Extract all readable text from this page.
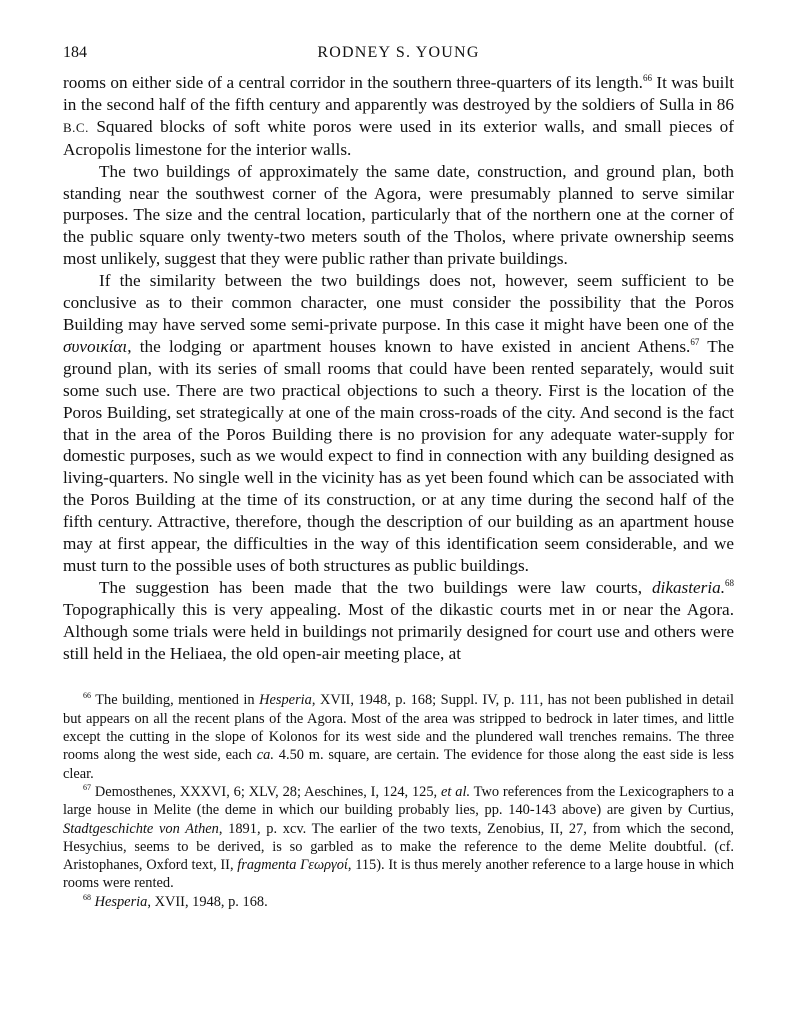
184	RODNEY S. YOUNG

rooms on either side of a central corridor in the southern three-quarters of its length.$^{66}$ It was built in the second half of the fifth century and apparently was destroyed by the soldiers of Sulla in 86 B.C. Squared blocks of soft white poros were used in its exterior walls, and small pieces of Acropolis limestone for the interior walls.

The two buildings of approximately the same date, construction, and ground plan, both standing near the southwest corner of the Agora, were presumably planned to serve similar purposes. The size and the central location, particularly that of the northern one at the corner of the public square only twenty-two meters south of the Tholos, where private ownership seems most unlikely, suggest that they were public rather than private buildings.

If the similarity between the two buildings does not, however, seem sufficient to be conclusive as to their common character, one must consider the possibility that the Poros Building may have served some semi-private purpose. In this case it might have been one of the συνοικίαι, the lodging or apartment houses known to have existed in ancient Athens.$^{67}$ The ground plan, with its series of small rooms that could have been rented separately, would suit some such use. There are two practical objections to such a theory. First is the location of the Poros Building, set strategically at one of the main cross-roads of the city. And second is the fact that in the area of the Poros Building there is no provision for any adequate water-supply for domestic purposes, such as we would expect to find in connection with any building designed as living-quarters. No single well in the vicinity has as yet been found which can be associated with the Poros Building at the time of its construction, or at any time during the second half of the fifth century. Attractive, therefore, though the description of our building as an apartment house may at first appear, the difficulties in the way of this identification seem considerable, and we must turn to the possible uses of both structures as public buildings.

The suggestion has been made that the two buildings were law courts, dikasteria.$^{68}$ Topographically this is very appealing. Most of the dikastic courts met in or near the Agora. Although some trials were held in buildings not primarily designed for court use and others were still held in the Heliaea, the old open-air meeting place, at

$^{66}$ The building, mentioned in Hesperia, XVII, 1948, p. 168; Suppl. IV, p. 111, has not been published in detail but appears on all the recent plans of the Agora. Most of the area was stripped to bedrock in later times, and little except the cutting in the slope of Kolonos for its west side and the plundered wall trenches remains. The three rooms along the west side, each ca. 4.50 m. square, are certain. The evidence for those along the east side is less clear.

$^{67}$ Demosthenes, XXXVI, 6; XLV, 28; Aeschines, I, 124, 125, et al. Two references from the Lexicographers to a large house in Melite (the deme in which our building probably lies, pp. 140-143 above) are given by Curtius, Stadtgeschichte von Athen, 1891, p. xcv. The earlier of the two texts, Zenobius, II, 27, from which the second, Hesychius, seems to be derived, is so garbled as to make the reference to the deme Melite doubtful. (cf. Aristophanes, Oxford text, II, fragmenta Γεωργοί, 115). It is thus merely another reference to a large house in which rooms were rented.

$^{68}$ Hesperia, XVII, 1948, p. 168.
